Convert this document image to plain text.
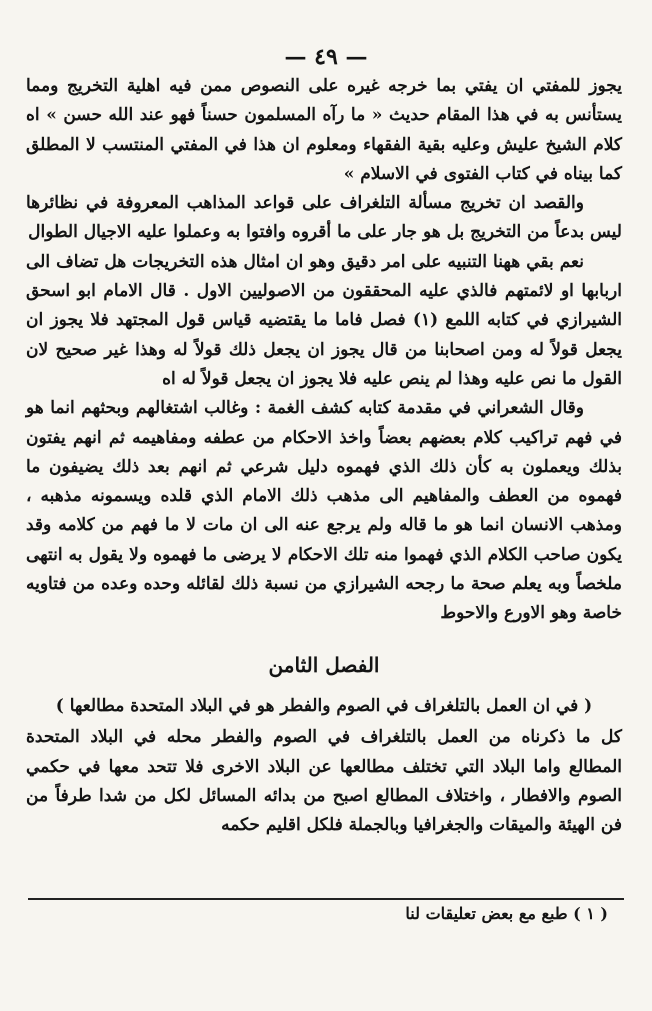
— ٤٩ —

يجوز للمفتي ان يفتي بما خرجه غيره على النصوص ممن فيه اهلية التخريج ومما يستأنس به في هذا المقام حديث « ما رآه المسلمون حسناً فهو عند الله حسن » اه كلام الشيخ عليش وعليه بقية الفقهاء ومعلوم ان هذا في المفتي المنتسب لا المطلق كما بيناه في كتاب الفتوى في الاسلام »

والقصد ان تخريج مسألة التلغراف على قواعد المذاهب المعروفة في نظائرها ليس بدعاً من التخريج بل هو جار على ما أقروه وافتوا به وعملوا عليه الاجيال الطوال

نعم بقي ههنا التنبيه على امر دقيق وهو ان امثال هذه التخريجات هل تضاف الى اربابها او لائمتهم فالذي عليه المحققون من الاصوليين الاول . قال الامام ابو اسحق الشيرازي في كتابه اللمع (١) فصل فاما ما يقتضيه قياس قول المجتهد فلا يجوز ان يجعل قولاً له ومن اصحابنا من قال يجوز ان يجعل ذلك قولاً له وهذا غير صحيح لان القول ما نص عليه وهذا لم ينص عليه فلا يجوز ان يجعل قولاً له اه

وقال الشعراني في مقدمة كتابه كشف الغمة : وغالب اشتغالهم وبحثهم انما هو في فهم تراكيب كلام بعضهم بعضاً واخذ الاحكام من عطفه ومفاهيمه ثم انهم يفتون بذلك ويعملون به كأن ذلك الذي فهموه دليل شرعي ثم انهم بعد ذلك يضيفون ما فهموه من العطف والمفاهيم الى مذهب ذلك الامام الذي قلده ويسمونه مذهبه ، ومذهب الانسان انما هو ما قاله ولم يرجع عنه الى ان مات لا ما فهم من كلامه وقد يكون صاحب الكلام الذي فهموا منه تلك الاحكام لا يرضى ما فهموه ولا يقول به انتهى ملخصاً وبه يعلم صحة ما رجحه الشيرازي من نسبة ذلك لقائله وحده وعده من فتاويه خاصة وهو الاورع والاحوط

الفصل الثامن

( في ان العمل بالتلغراف في الصوم والفطر هو في البلاد المتحدة مطالعها )

كل ما ذكرناه من العمل بالتلغراف في الصوم والفطر محله في البلاد المتحدة المطالع واما البلاد التي تختلف مطالعها عن البلاد الاخرى فلا تتحد معها في حكمي الصوم والافطار ، واختلاف المطالع اصبح من بدائه المسائل لكل من شدا طرفاً من فن الهيئة والميقات والجغرافيا وبالجملة فلكل اقليم حكمه

( ١ ) طبع مع بعض تعليقات لنا
